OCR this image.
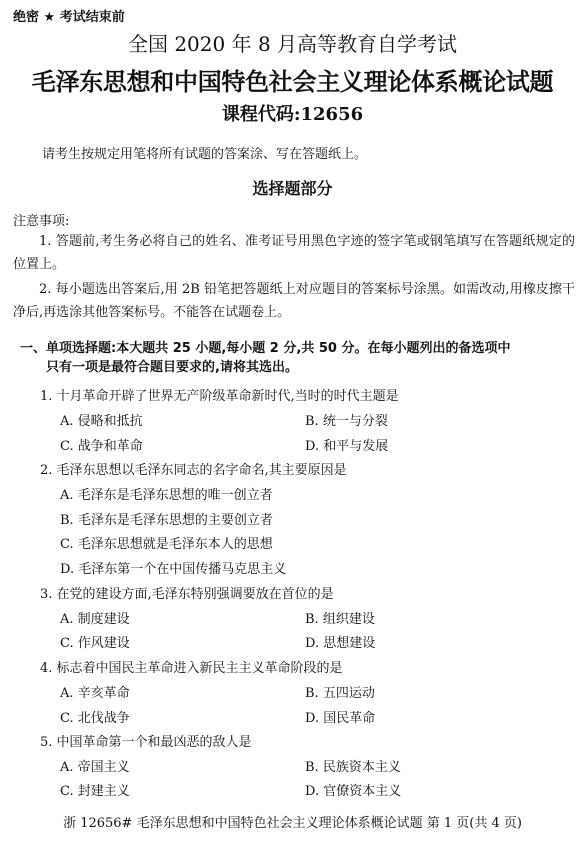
绝密 ★ 考试结束前
全国 2020 年 8 月高等教育自学考试
毛泽东思想和中国特色社会主义理论体系概论试题
课程代码:12656
请考生按规定用笔将所有试题的答案涂、写在答题纸上。
选择题部分
注意事项:
1. 答题前,考生务必将自己的姓名、准考证号用黑色字迹的签字笔或钢笔填写在答题纸规定的位置上。
2. 每小题选出答案后,用 2B 铅笔把答题纸上对应题目的答案标号涂黑。如需改动,用橡皮擦干净后,再选涂其他答案标号。不能答在试题卷上。
一、单项选择题:本大题共 25 小题,每小题 2 分,共 50 分。在每小题列出的备选项中
只有一项是最符合题目要求的,请将其选出。
1. 十月革命开辟了世界无产阶级革命新时代,当时的时代主题是
A. 侵略和抵抗	B. 统一与分裂
C. 战争和革命	D. 和平与发展
2. 毛泽东思想以毛泽东同志的名字命名,其主要原因是
A. 毛泽东是毛泽东思想的唯一创立者
B. 毛泽东是毛泽东思想的主要创立者
C. 毛泽东思想就是毛泽东本人的思想
D. 毛泽东第一个在中国传播马克思主义
3. 在党的建设方面,毛泽东特别强调要放在首位的是
A. 制度建设	B. 组织建设
C. 作风建设	D. 思想建设
4. 标志着中国民主革命进入新民主主义革命阶段的是
A. 辛亥革命	B. 五四运动
C. 北伐战争	D. 国民革命
5. 中国革命第一个和最凶恶的敌人是
A. 帝国主义	B. 民族资本主义
C. 封建主义	D. 官僚资本主义
浙 12656# 毛泽东思想和中国特色社会主义理论体系概论试题 第 1 页(共 4 页)
